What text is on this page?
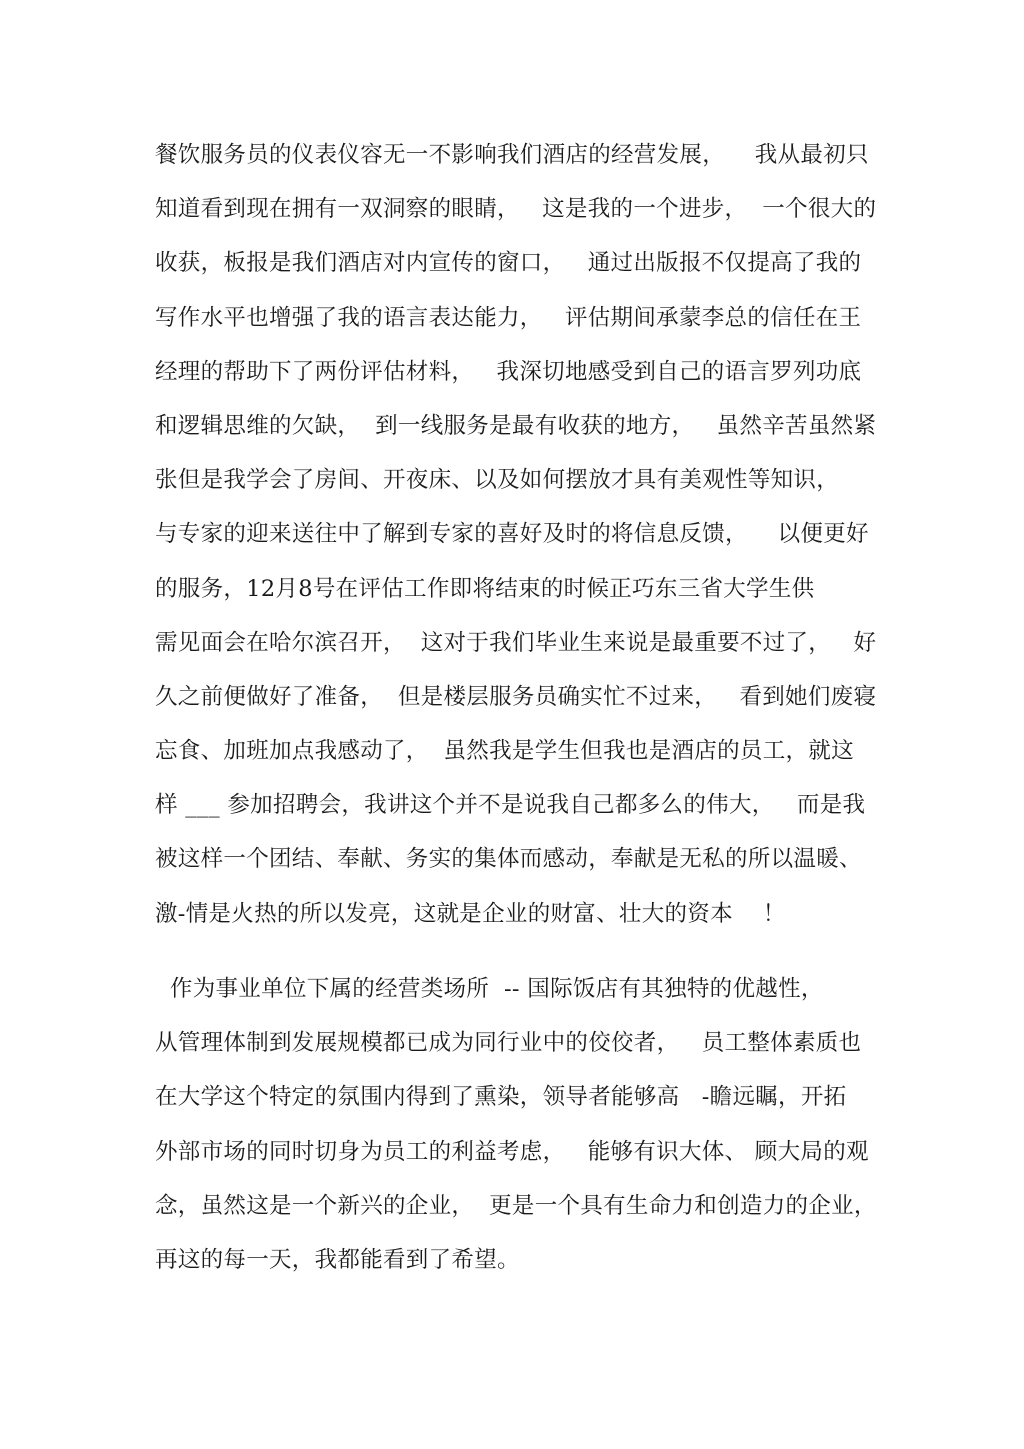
餐饮服务员的仪表仪容无一不影响我们酒店的经营发展，    我从最初只
知道看到现在拥有一双洞察的眼睛，   这是我的一个进步，  一个很大的
收获，板报是我们酒店对内宣传的窗口，   通过出版报不仅提高了我的
写作水平也增强了我的语言表达能力，   评估期间承蒙李总的信任在王
经理的帮助下了两份评估材料，   我深切地感受到自己的语言罗列功底
和逻辑思维的欠缺，  到一线服务是最有收获的地方，   虽然辛苦虽然紧
张但是我学会了房间、开夜床、以及如何摆放才具有美观性等知识，
与专家的迎来送往中了解到专家的喜好及时的将信息反馈，    以便更好
的服务，12月8号在评估工作即将结束的时候正巧东三省大学生供
需见面会在哈尔滨召开，  这对于我们毕业生来说是最重要不过了，   好
久之前便做好了准备，  但是楼层服务员确实忙不过来，   看到她们废寝
忘食、加班加点我感动了，  虽然我是学生但我也是酒店的员工，就这
样 ___ 参加招聘会，我讲这个并不是说我自己都多么的伟大，   而是我
被这样一个团结、奉献、务实的集体而感动，奉献是无私的所以温暖、
激-情是火热的所以发亮，这就是企业的财富、壮大的资本    ！
作为事业单位下属的经营类场所  -- 国际饭店有其独特的优越性，
从管理体制到发展规模都已成为同行业中的佼佼者，   员工整体素质也
在大学这个特定的氛围内得到了熏染，领导者能够高   -瞻远瞩，开拓
外部市场的同时切身为员工的利益考虑，   能够有识大体、 顾大局的观
念，虽然这是一个新兴的企业，  更是一个具有生命力和创造力的企业，
再这的每一天，我都能看到了希望。
